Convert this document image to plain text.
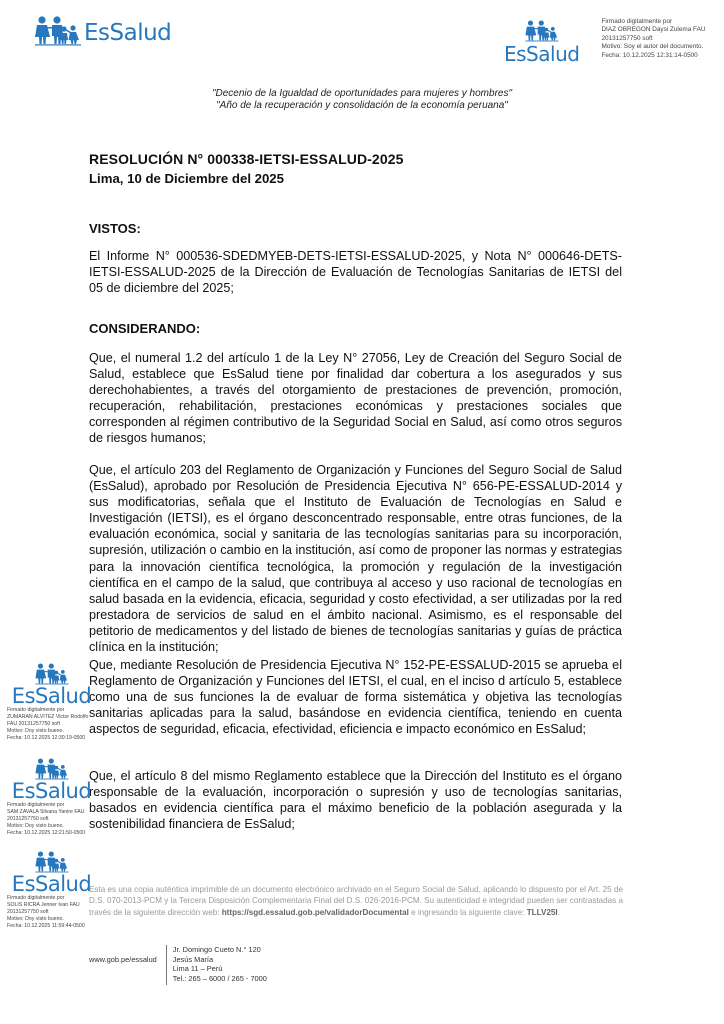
EsSalud
EsSalud
Firmado digitalmente por
DIAZ OBREGON Daysi Zulema FAU
20131257750 soft
Motivo: Soy el autor del documento.
Fecha: 10.12.2025 12:31:14-0500
"Decenio de la Igualdad de oportunidades para mujeres y hombres"
"Año de la recuperación y consolidación de la economía peruana"
RESOLUCIÓN N° 000338-IETSI-ESSALUD-2025
Lima, 10 de Diciembre del 2025
VISTOS:
El Informe N° 000536-SDEDMYEB-DETS-IETSI-ESSALUD-2025, y Nota N° 000646-DETS-IETSI-ESSALUD-2025 de la Dirección de Evaluación de Tecnologías Sanitarias de IETSI del 05 de diciembre del 2025;
CONSIDERANDO:
Que, el numeral 1.2 del artículo 1 de la Ley N° 27056, Ley de Creación del Seguro Social de Salud, establece que EsSalud tiene por finalidad dar cobertura a los asegurados y sus derechohabientes, a través del otorgamiento de prestaciones de prevención, promoción, recuperación, rehabilitación, prestaciones económicas y prestaciones sociales que corresponden al régimen contributivo de la Seguridad Social en Salud, así como otros seguros de riesgos humanos;
Que, el artículo 203 del Reglamento de Organización y Funciones del Seguro Social de Salud (EsSalud), aprobado por Resolución de Presidencia Ejecutiva N° 656-PE-ESSALUD-2014 y sus modificatorias, señala que el Instituto de Evaluación de Tecnologías en Salud e Investigación (IETSI), es el órgano desconcentrado responsable, entre otras funciones, de la evaluación económica, social y sanitaria de las tecnologías sanitarias para su incorporación, supresión, utilización o cambio en la institución, así como de proponer las normas y estrategias para la innovación científica tecnológica, la promoción y regulación de la investigación científica en el campo de la salud, que contribuya al acceso y uso racional de tecnologías en salud basada en la evidencia, eficacia, seguridad y costo efectividad, a ser utilizadas por la red prestadora de servicios de salud en el ámbito nacional. Asimismo, es el responsable del petitorio de medicamentos y del listado de bienes de tecnologías sanitarias y guías de práctica clínica en la institución;
Que, mediante Resolución de Presidencia Ejecutiva N° 152-PE-ESSALUD-2015 se aprueba el Reglamento de Organización y Funciones del IETSI, el cual, en el inciso d artículo 5, establece como una de sus funciones la de evaluar de forma sistemática y objetiva las tecnologías sanitarias aplicadas para la salud, basándose en evidencia científica, teniendo en cuenta aspectos de seguridad, eficacia, efectividad, eficiencia e impacto económico en EsSalud;
Que, el artículo 8 del mismo Reglamento establece que la Dirección del Instituto es el órgano responsable de la evaluación, incorporación o supresión y uso de tecnologías sanitarias, basados en evidencia científica para el máximo beneficio de la población asegurada y la sostenibilidad financiera de EsSalud;
EsSalud
Firmado digitalmente por
ZUMARAN ALVITEZ Victor Rodolfo
FAU 20131257750 soft
Motivo: Doy visto bueno.
Fecha: 10.12.2025 12:30:19-0500
EsSalud
Firmado digitalmente por
SAM ZAVALA Silvana Yanire FAU
20131257750 soft
Motivo: Doy visto bueno.
Fecha: 10.12.2025 12:21:50-0500
EsSalud
Firmado digitalmente por
SOLIS RICRA Jenner Ivan FAU
20131257750 soft
Motivo: Doy visto bueno.
Fecha: 10.12.2025 11:59:44-0500
Esta es una copia auténtica imprimible de un documento electrónico archivado en el Seguro Social de Salud, aplicando lo dispuesto por el Art. 25 de D.S. 070-2013-PCM y la Tercera Disposición Complementaria Final del D.S. 026-2016-PCM. Su autenticidad e integridad pueden ser contrastadas a través de la siguiente dirección web: https://sgd.essalud.gob.pe/validadorDocumental e ingresando la siguiente clave: TLLV25I.
www.gob.pe/essalud
Jr. Domingo Cueto N.° 120
Jesús María
Lima 11 – Perú
Tel.: 265 – 6000 / 265 - 7000
